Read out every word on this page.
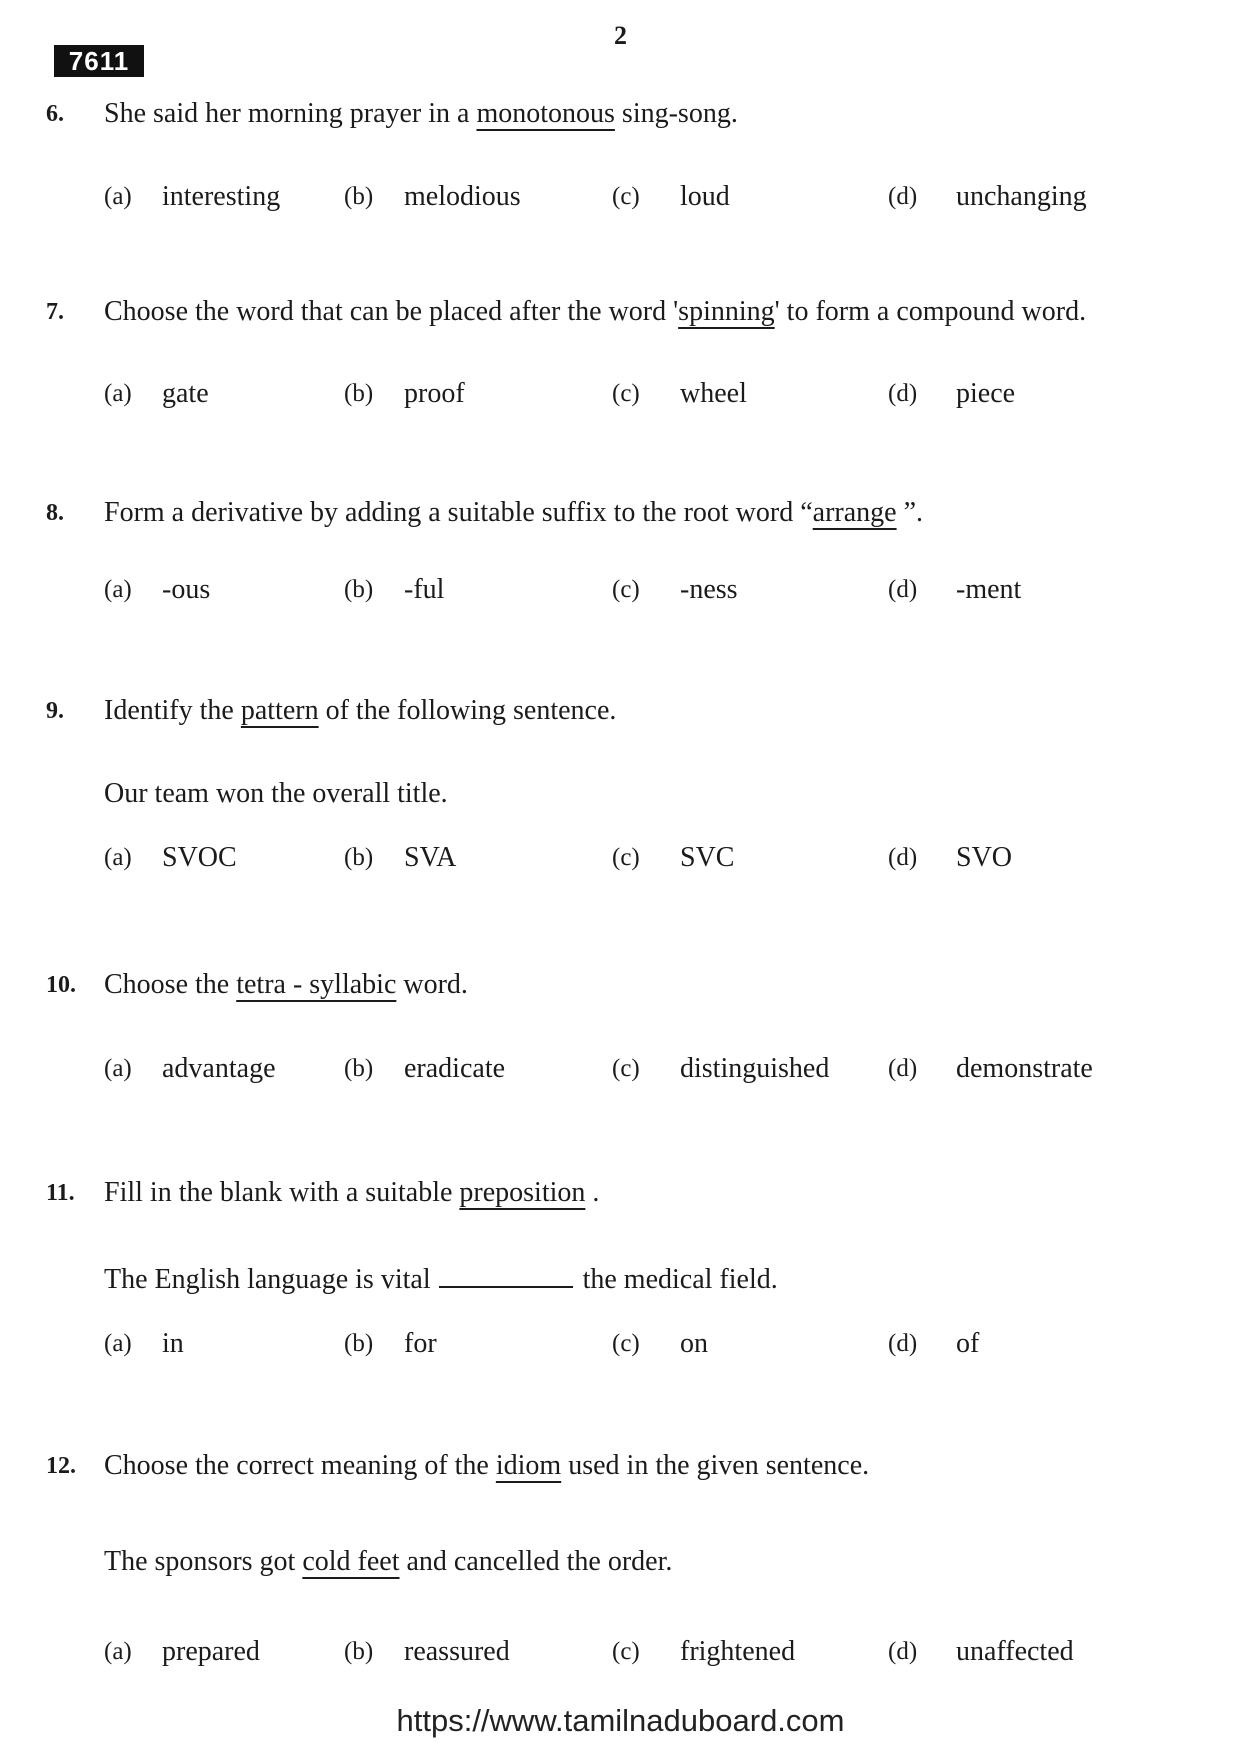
2
7611
6. She said her morning prayer in a monotonous sing-song.
(a) interesting	(b) melodious	(c) loud	(d) unchanging
7. Choose the word that can be placed after the word 'spinning' to form a compound word.
(a) gate	(b) proof	(c) wheel	(d) piece
8. Form a derivative by adding a suitable suffix to the root word “arrange ”.
(a) -ous	(b) -ful	(c) -ness	(d) -ment
9. Identify the pattern of the following sentence.
Our team won the overall title.
(a) SVOC	(b) SVA	(c) SVC	(d) SVO
10. Choose the tetra - syllabic word.
(a) advantage	(b) eradicate	(c) distinguished (d) demonstrate
11. Fill in the blank with a suitable preposition .
The English language is vital	the medical field.
(a) in	(b) for	(c) on	(d) of
12. Choose the correct meaning of the idiom used in the given sentence.
The sponsors got cold feet and cancelled the order.
(a) prepared	(b) reassured	(c) frightened	(d) unaffected
https://www.tamilnaduboard.com
